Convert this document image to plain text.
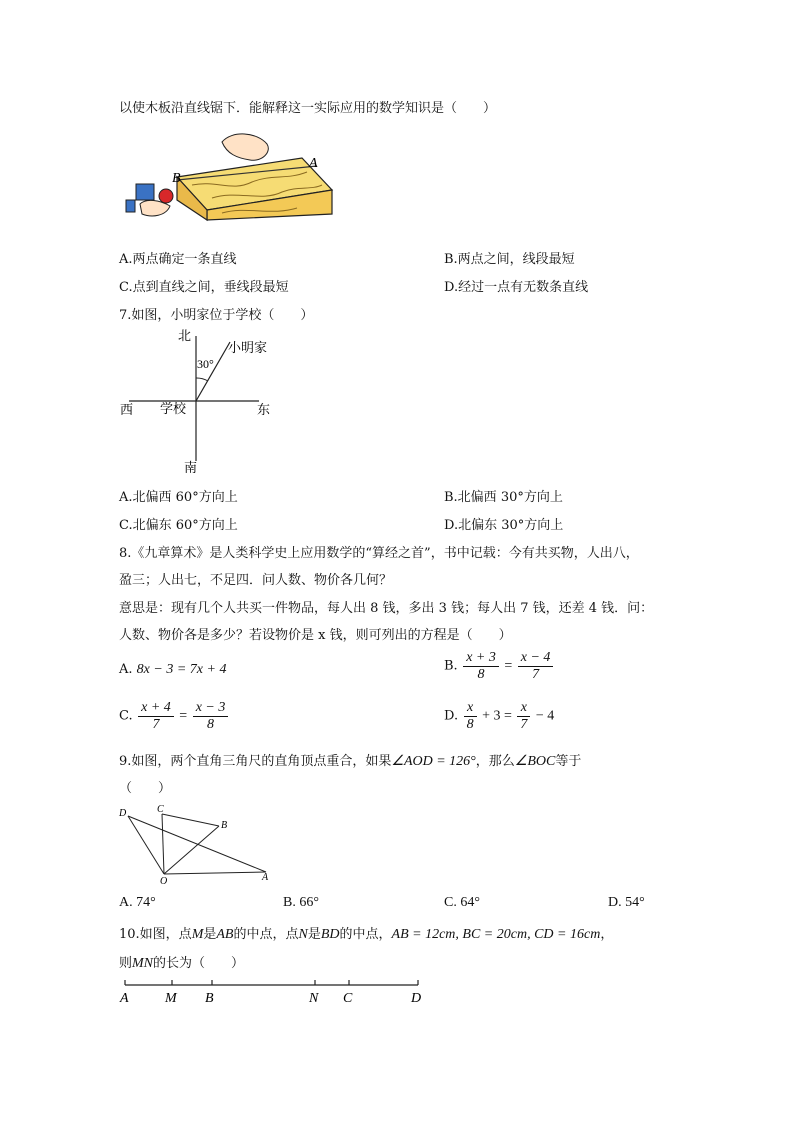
以使木板沿直线锯下．能解释这一实际应用的数学知识是（　　）
B
A
A.两点确定一条直线	B.两点之间，线段最短
C.点到直线之间，垂线段最短	D.经过一点有无数条直线
7.如图，小明家位于学校（　　）
北
南
东
西 学校
小明家
30°
A.北偏西 60°方向上	B.北偏西 30°方向上
C.北偏东 60°方向上	D.北偏东 30°方向上
8.《九章算术》是人类科学史上应用数学的“算经之首”，书中记载：今有共买物，人出八，
盈三；人出七，不足四．问人数、物价各几何？
意思是：现有几个人共买一件物品，每人出 8 钱，多出 3 钱；每人出 7 钱，还差 4 钱．问：
人数、物价各是多少？若设物价是 x 钱，则可列出的方程是（　　）
A. 8x − 3 = 7x + 4	B. $\frac{x + 3}{8} = \frac{x - 4}{7}$
C. $\frac{x + 4}{7} = \frac{x - 3}{8}$	D. $\frac{x}{8} + 3 = \frac{x}{7} - 4$
9.如图，两个直角三角尺的直角顶点重合，如果∠AOD = 126°，那么∠BOC等于
（　　）
D	C
B
O	A
A. 74°	B. 66°	C. 64°	D. 54°
10.如图，点M是AB的中点，点N是BD的中点，AB = 12cm, BC = 20cm, CD = 16cm，
则MN的长为（　　）
A	M B	N C	D
